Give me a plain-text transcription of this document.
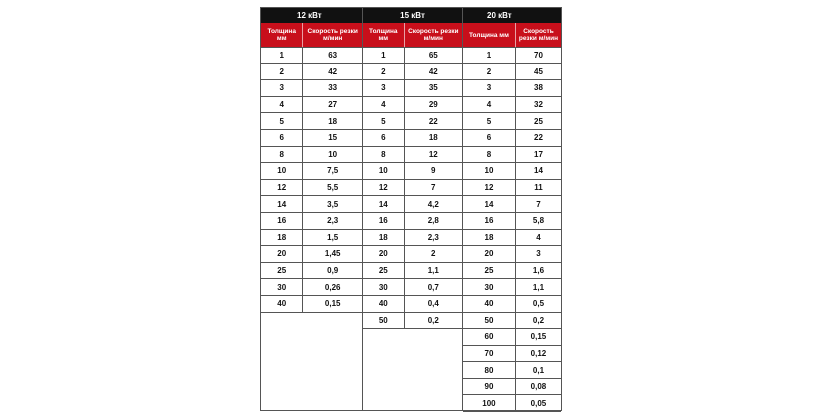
12 кВт
Толщина мм
Скорость резки м/мин
1	63
2	42
3	33
4	27
5	18
6	15
8	10
10	7,5
12	5,5
14	3,5
16	2,3
18	1,5
20	1,45
25	0,9
30	0,26
40	0,15
15 кВт
Толщина мм
Скорость резки м/мин
1	65
2	42
3	35
4	29
5	22
6	18
8	12
10	9
12	7
14	4,2
16	2,8
18	2,3
20	2
25	1,1
30	0,7
40	0,4
50	0,2
20 кВт
Толщина мм	Скорость резки м/мин
1	70
2	45
3	38
4	32
5	25
6	22
8	17
10	14
12	11
14	7
16	5,8
18	4
20	3
25	1,6
30	1,1
40	0,5
50	0,2
60	0,15
70	0,12
80	0,1
90	0,08
100	0,05
